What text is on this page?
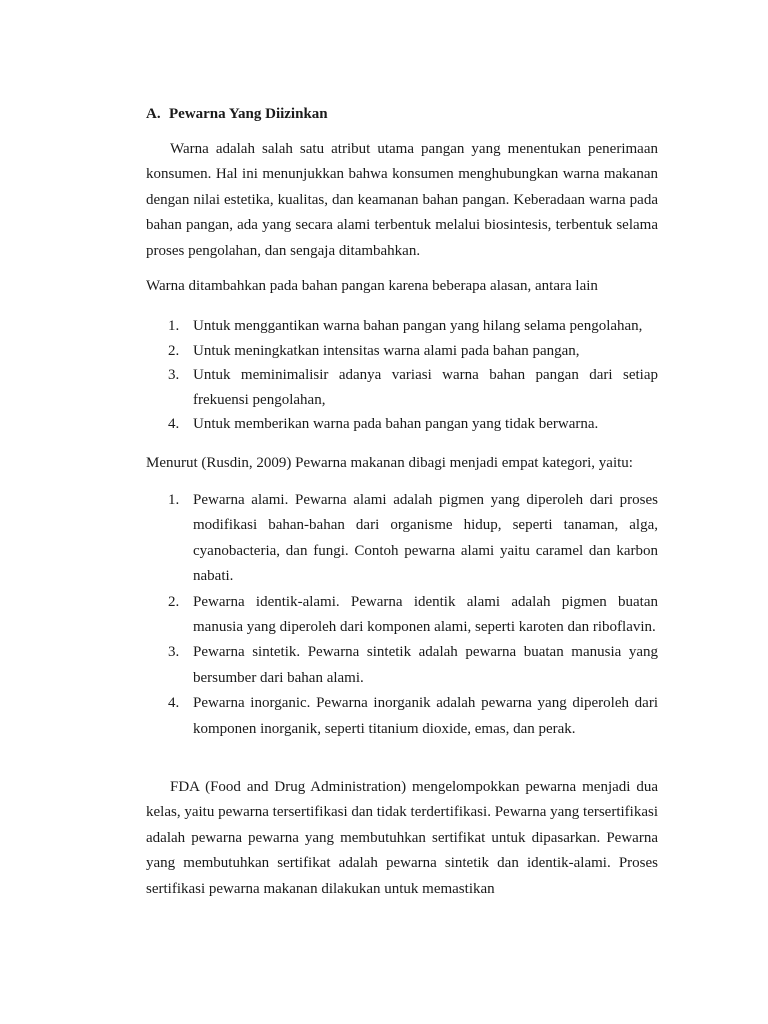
A. Pewarna Yang Diizinkan

Warna adalah salah satu atribut utama pangan yang menentukan penerimaan konsumen. Hal ini menunjukkan bahwa konsumen menghubungkan warna makanan dengan nilai estetika, kualitas, dan keamanan bahan pangan. Keberadaan warna pada bahan pangan, ada yang secara alami terbentuk melalui biosintesis, terbentuk selama proses pengolahan, dan sengaja ditambahkan.

Warna ditambahkan pada bahan pangan karena beberapa alasan, antara lain

1. Untuk menggantikan warna bahan pangan yang hilang selama pengolahan,
2. Untuk meningkatkan intensitas warna alami pada bahan pangan,
3. Untuk meminimalisir adanya variasi warna bahan pangan dari setiap frekuensi pengolahan,
4. Untuk memberikan warna pada bahan pangan yang tidak berwarna.

Menurut (Rusdin, 2009) Pewarna makanan dibagi menjadi empat kategori, yaitu:

1. Pewarna alami. Pewarna alami adalah pigmen yang diperoleh dari proses modifikasi bahan-bahan dari organisme hidup, seperti tanaman, alga, cyanobacteria, dan fungi. Contoh pewarna alami yaitu caramel dan karbon nabati.
2. Pewarna identik-alami. Pewarna identik alami adalah pigmen buatan manusia yang diperoleh dari komponen alami, seperti karoten dan riboflavin.
3. Pewarna sintetik. Pewarna sintetik adalah pewarna buatan manusia yang bersumber dari bahan alami.
4. Pewarna inorganic. Pewarna inorganik adalah pewarna yang diperoleh dari komponen inorganik, seperti titanium dioxide, emas, dan perak.

FDA (Food and Drug Administration) mengelompokkan pewarna menjadi dua kelas, yaitu pewarna tersertifikasi dan tidak terdertifikasi. Pewarna yang tersertifikasi adalah pewarna pewarna yang membutuhkan sertifikat untuk dipasarkan. Pewarna yang membutuhkan sertifikat adalah pewarna sintetik dan identik-alami. Proses sertifikasi pewarna makanan dilakukan untuk memastikan
